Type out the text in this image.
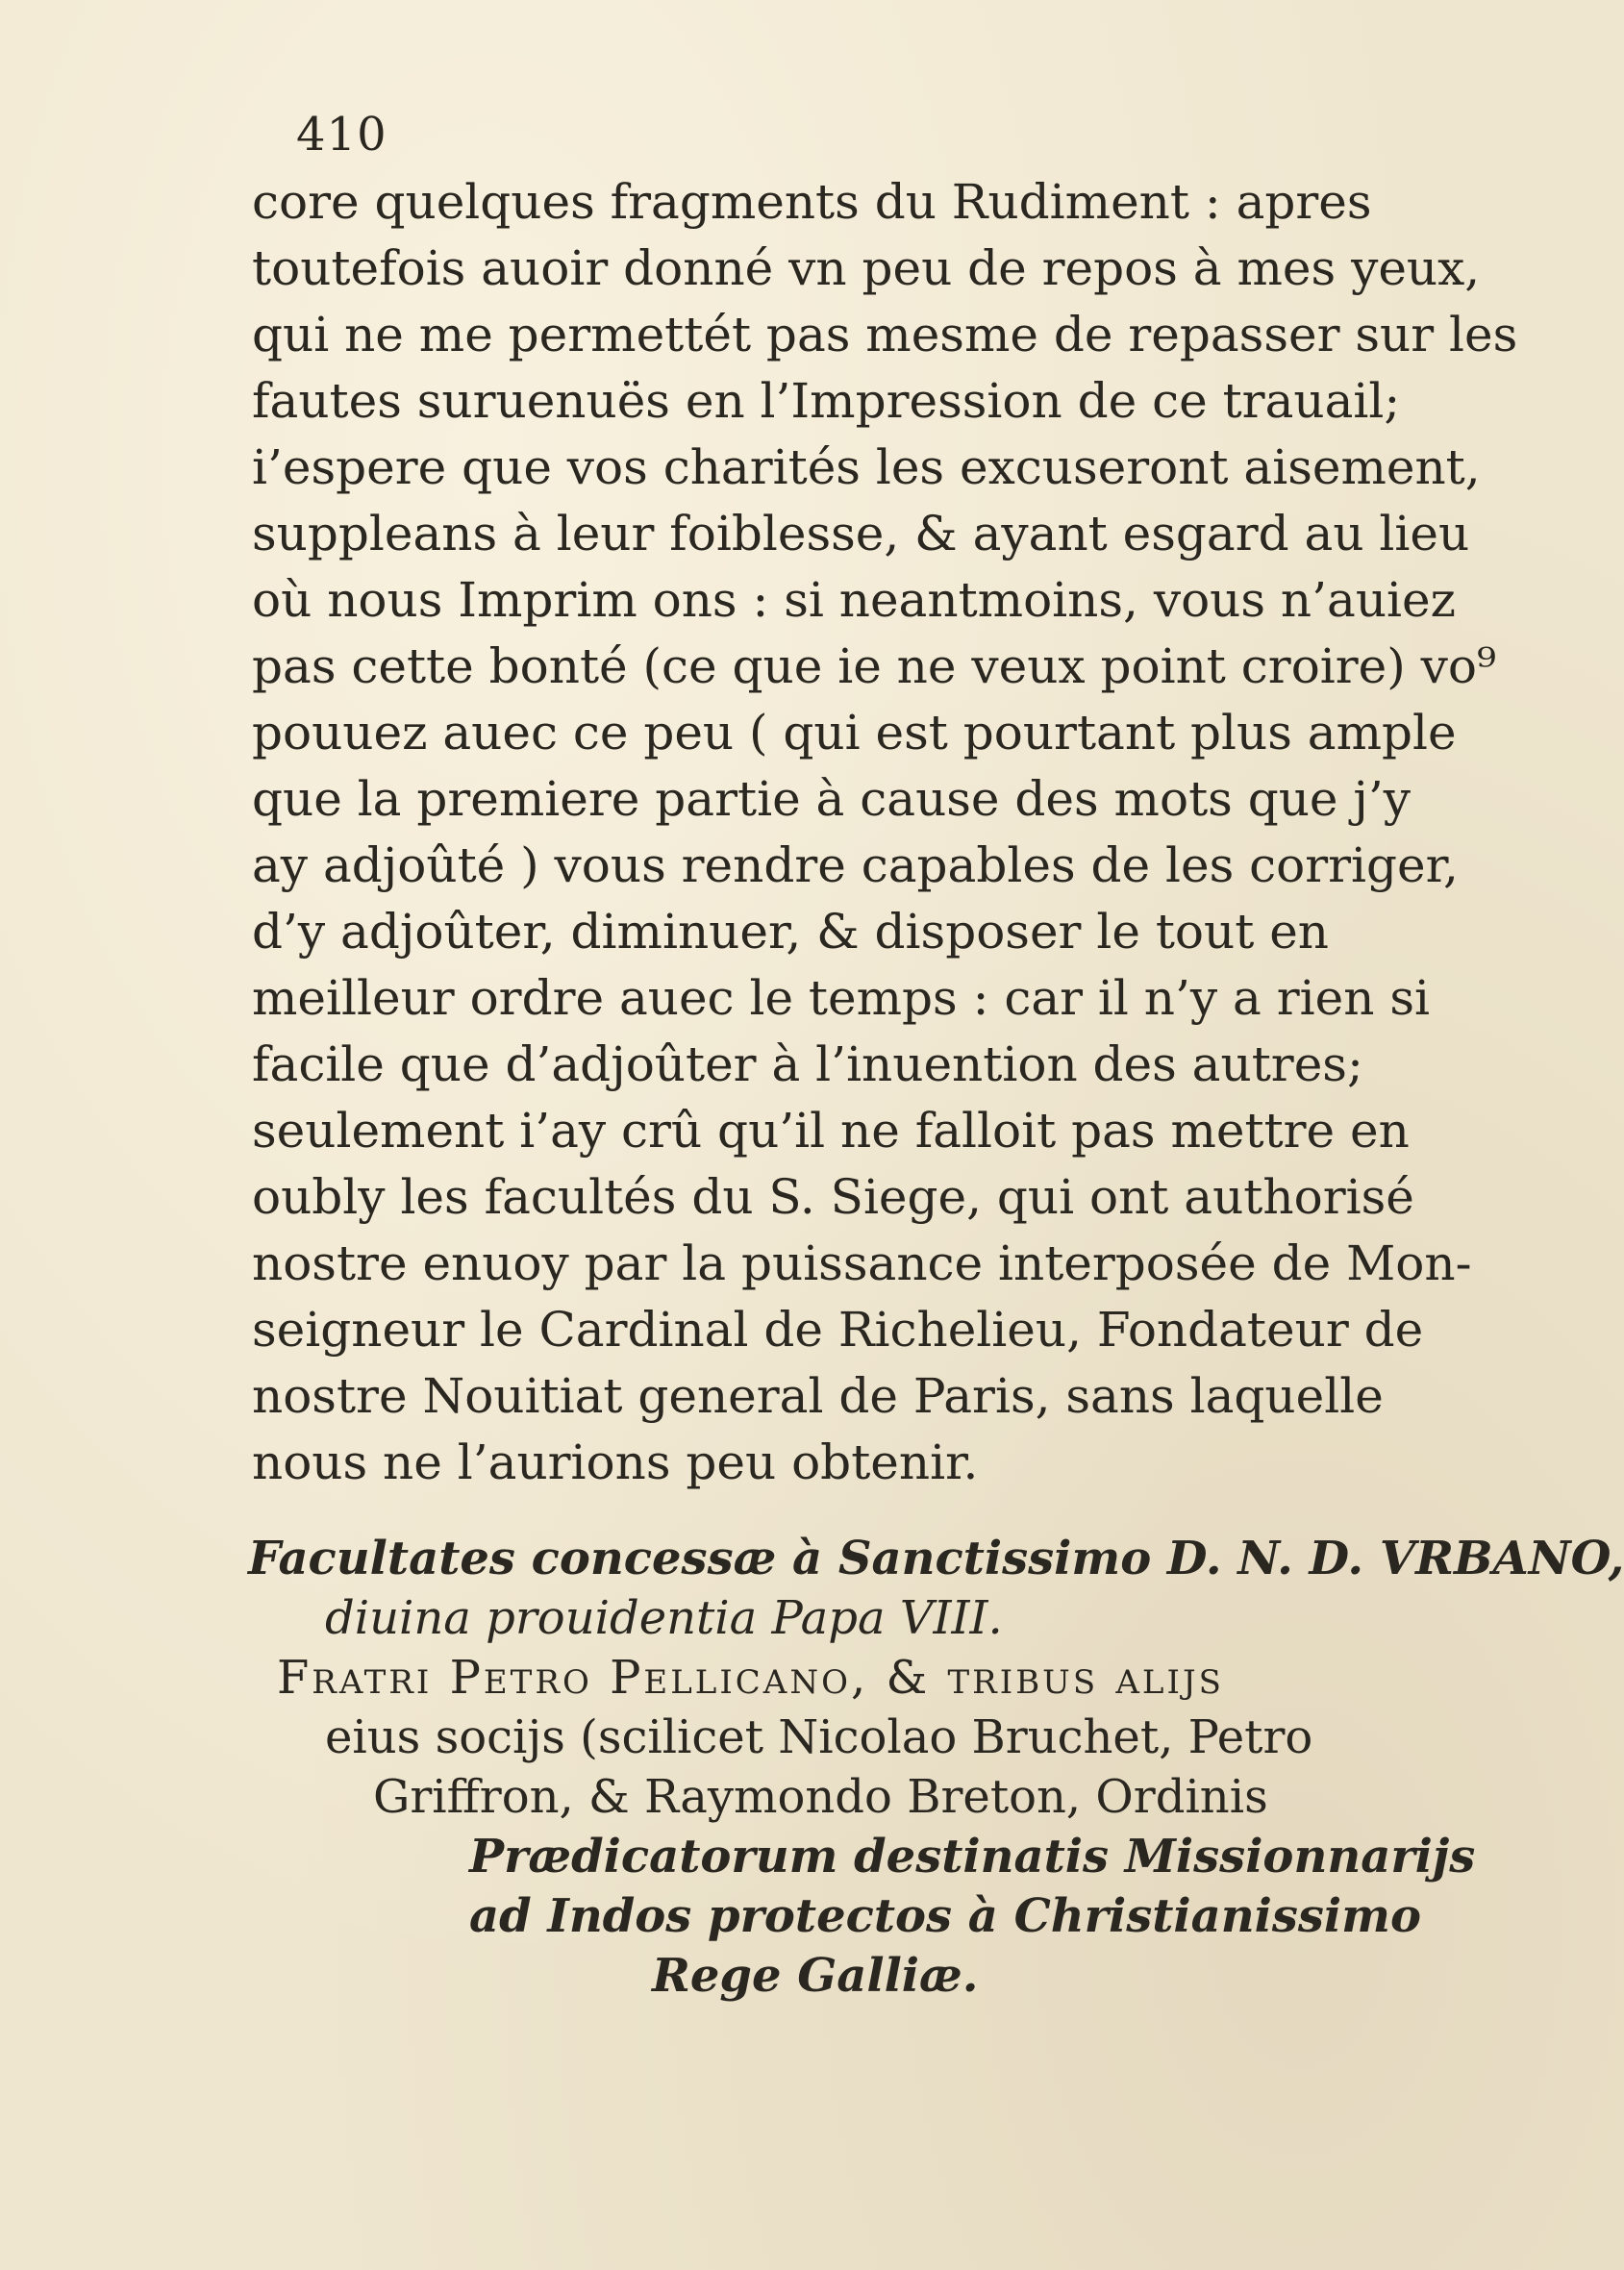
410
core quelques fragments du Rudiment : apres
toutefois auoir donné vn peu de repos à mes yeux,
qui ne me permettét pas mesme de repasser sur les
fautes suruenuës en l’Impression de ce trauail;
i’espere que vos charités les excuseront aisement,
suppleans à leur foiblesse, & ayant esgard au lieu
où nous Imprim ons : si neantmoins, vous n’auiez
pas cette bonté (ce que ie ne veux point croire) vo⁹
pouuez auec ce peu ( qui est pourtant plus ample
que la premiere partie à cause des mots que j’y
ay adjoûté ) vous rendre capables de les corriger,
d’y adjoûter, diminuer, & disposer le tout en
meilleur ordre auec le temps : car il n’y a rien si
facile que d’adjoûter à l’inuention des autres;
seulement i’ay crû qu’il ne falloit pas mettre en
oubly les facultés du S. Siege, qui ont authorisé
nostre enuoy par la puissance interposée de Mon-
seigneur le Cardinal de Richelieu, Fondateur de
nostre Nouitiat general de Paris, sans laquelle
nous ne l’aurions peu obtenir.
Facultates concessæ à Sanctissimo D. N. D. VRBANO,
diuina prouidentia Papa VIII.
Fratri Petro Pellicano, & tribus alijs
eius socijs (scilicet Nicolao Bruchet, Petro
Griffron, & Raymondo Breton, Ordinis
Prædicatorum destinatis Missionnarijs
ad Indos protectos à Christianissimo
Rege Galliæ.
